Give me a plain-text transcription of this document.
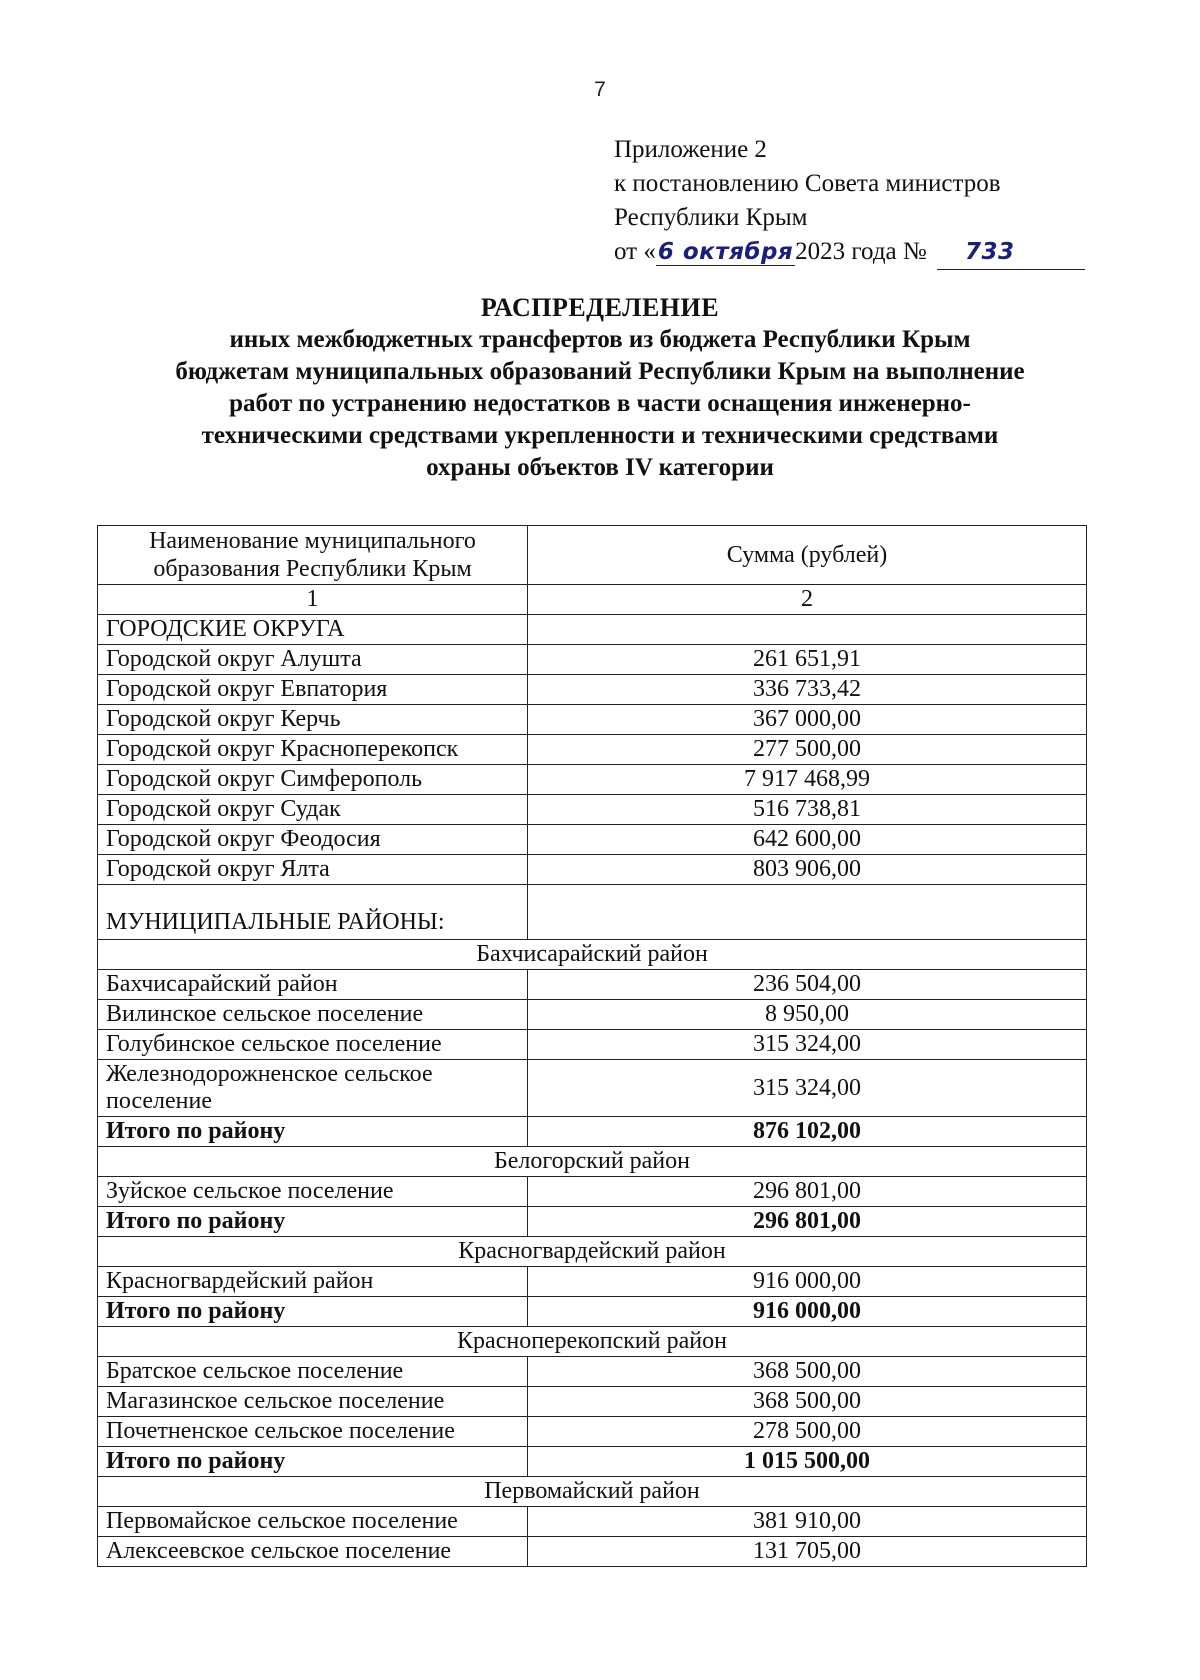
7
Приложение 2
к постановлению Совета министров
Республики Крым
от «6 октября2023 года № 733
РАСПРЕДЕЛЕНИЕ
иных межбюджетных трансфертов из бюджета Республики Крым
бюджетам муниципальных образований Республики Крым на выполнение
работ по устранению недостатков в части оснащения инженерно-
техническими средствами укрепленности и техническими средствами
охраны объектов IV категории
Наименование муниципального образования Республики Крым	Сумма (рублей)
1	2
ГОРОДСКИЕ ОКРУГА	
Городской округ Алушта	261 651,91
Городской округ Евпатория	336 733,42
Городской округ Керчь	367 000,00
Городской округ Красноперекопск	277 500,00
Городской округ Симферополь	7 917 468,99
Городской округ Судак	516 738,81
Городской округ Феодосия	642 600,00
Городской округ Ялта	803 906,00
МУНИЦИПАЛЬНЫЕ РАЙОНЫ:	
Бахчисарайский район	
Бахчисарайский район	236 504,00
Вилинское сельское поселение	8 950,00
Голубинское сельское поселение	315 324,00
Железнодорожненское сельское поселение	315 324,00
Итого по району	876 102,00
Белогорский район	
Зуйское сельское поселение	296 801,00
Итого по району	296 801,00
Красногвардейский район	
Красногвардейский район	916 000,00
Итого по району	916 000,00
Красноперекопский район	
Братское сельское поселение	368 500,00
Магазинское сельское поселение	368 500,00
Почетненское сельское поселение	278 500,00
Итого по району	1 015 500,00
Первомайский район	
Первомайское сельское поселение	381 910,00
Алексеевское сельское поселение	131 705,00
